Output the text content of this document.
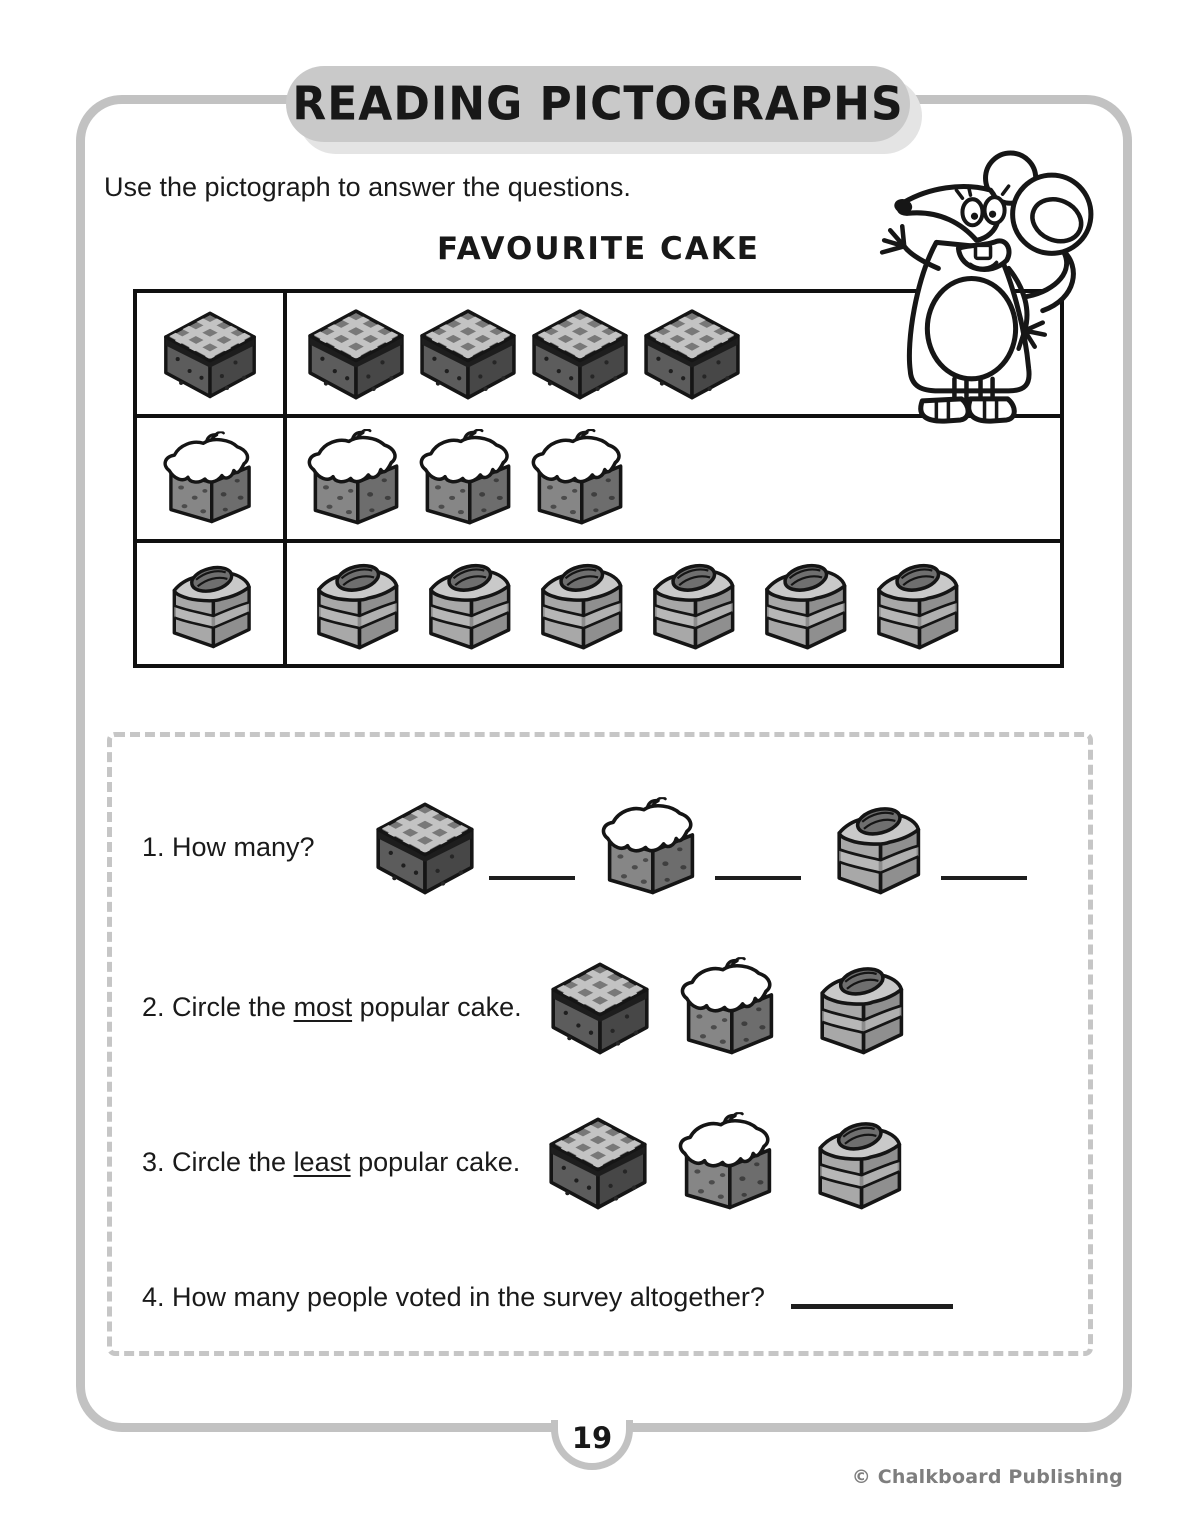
READING PICTOGRAPHS
Use the pictograph to answer the questions.
FAVOURITE CAKE
1. How many?
2. Circle the most popular cake.
3. Circle the least popular cake.
4. How many people voted in the survey altogether?
19
© Chalkboard Publishing
